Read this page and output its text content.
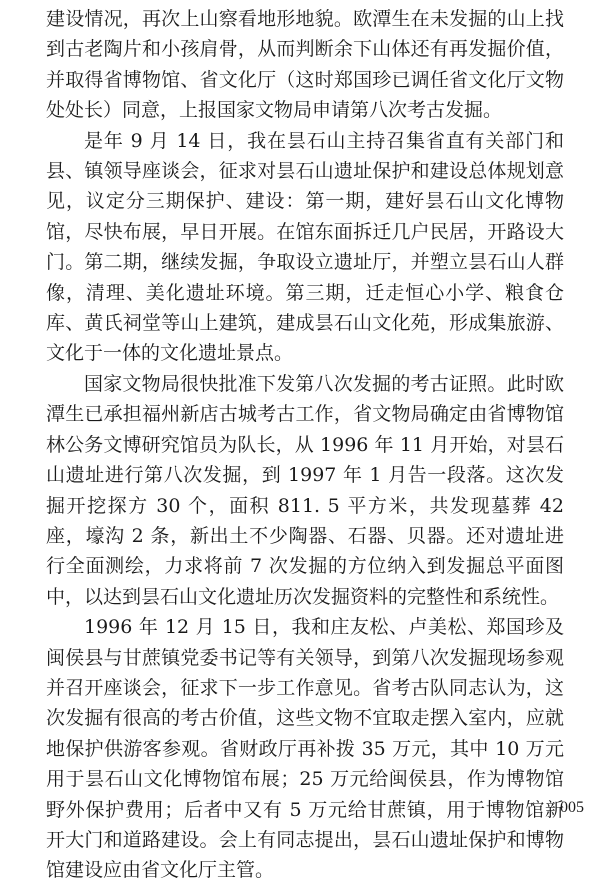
建设情况，再次上山察看地形地貌。欧潭生在未发掘的山上找到古老陶片和小孩肩骨，从而判断余下山体还有再发掘价值，并取得省博物馆、省文化厅（这时郑国珍已调任省文化厅文物处处长）同意，上报国家文物局申请第八次考古发掘。

是年 9 月 14 日，我在昙石山主持召集省直有关部门和县、镇领导座谈会，征求对昙石山遗址保护和建设总体规划意见，议定分三期保护、建设：第一期，建好昙石山文化博物馆，尽快布展，早日开展。在馆东面拆迁几户民居，开路设大门。第二期，继续发掘，争取设立遗址厅，并塑立昙石山人群像，清理、美化遗址环境。第三期，迁走恒心小学、粮食仓库、黄氏祠堂等山上建筑，建成昙石山文化苑，形成集旅游、文化于一体的文化遗址景点。

国家文物局很快批准下发第八次发掘的考古证照。此时欧潭生已承担福州新店古城考古工作，省文物局确定由省博物馆林公务文博研究馆员为队长，从 1996 年 11 月开始，对昙石山遗址进行第八次发掘，到 1997 年 1 月告一段落。这次发掘开挖探方 30 个，面积 811. 5 平方米，共发现墓葬 42 座，壕沟 2 条，新出土不少陶器、石器、贝器。还对遗址进行全面测绘，力求将前 7 次发掘的方位纳入到发掘总平面图中，以达到昙石山文化遗址历次发掘资料的完整性和系统性。

1996 年 12 月 15 日，我和庄友松、卢美松、郑国珍及闽侯县与甘蔗镇党委书记等有关领导，到第八次发掘现场参观并召开座谈会，征求下一步工作意见。省考古队同志认为，这次发掘有很高的考古价值，这些文物不宜取走摆入室内，应就地保护供游客参观。省财政厅再补拨 35 万元，其中 10 万元用于昙石山文化博物馆布展；25 万元给闽侯县，作为博物馆野外保护费用；后者中又有 5 万元给甘蔗镇，用于博物馆新开大门和道路建设。会上有同志提出，昙石山遗址保护和博物馆建设应由省文化厅主管。

005
